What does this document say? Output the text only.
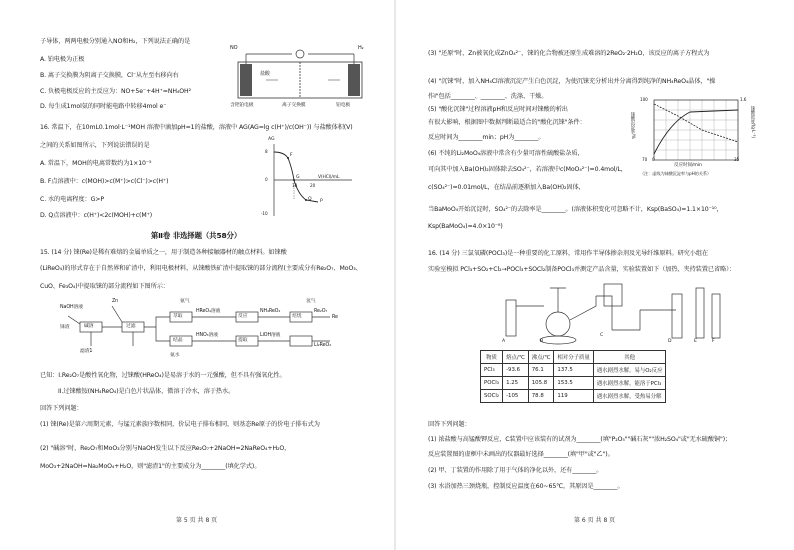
子导体，两两电极分别通入NO和H₂，下列说法正确的是
A. 铂电极为正极
B. 离子交换膜为阴离子交换膜，Cl⁻从左至右移向右
C. 负极电极反应的主反应为：NO+5e⁻+4H⁺=NH₄OH²
D. 每生成1mol氨的同时能电路中转移4mol e⁻
NO	H₂
盐酸
含钯铂电极	离子交换膜	铂电极
16. 常温下，在10mL0.1mol·L⁻¹MOH 溶液中滴加pH=1的盐酸，溶液中 AG(AG=lg c(H⁺)/c(OH⁻)) 与盐酸体积(V)
之间的关系如图所示，下列说法错误的是
A. 常温下，MOH的电离常数约为1×10⁻⁵
B. F点溶液中：c(MOH)>c(M⁺)>c(Cl⁻)>c(H⁺)
C. 水的电离程度：G>P
D. Q点溶液中：c(H⁺)<2c(MOH)+c(M⁺)
AG
V(HCl)/mL
F
G
Q P
8
0
-10
10	20
第Ⅱ卷 非选择题（共58分）
15. (14 分) 铼(Re)是稀有难熔的金属单质之一，用于制造各种接触器材的触点材料。如铼酸
(LiReO₄)的形式存在于自然界和矿渣中，利用电极材料，从铼酸铁矿渣中提取铼的部分流程(主要成分有Re₂O₇、MoO₃、
CuO、Fe₃O₄)中提取铼的部分流程如下图所示：
NaOH溶液
Zn
铼渣	碱溶	过滤
滤渣1
氨气
萃取
HReO₄溶液
反应
NH₄ReO₄
焙烧
Re₂O₇
Re
结晶
HNO₃溶液
提取
LiOH溶液
Li₂ReO₄
氨水
氢气
已知：I.Re₂O₇是酸性氧化物，过铼酸(HReO₄)是易溶于水的一元强酸，但不具有强氧化性。
II.过铼酸铵(NH₄ReO₄)是白色片状晶体，微溶于冷水，溶于热水。
回答下列问题：
(1) 铼(Re)是第六周期元素，与锰元素族序数相同，价层电子排布相同，则基态Re原子的价电子排布式为
(2) "碱溶"时，Re₂O₇和MoO₃分别与NaOH发生以下反应Re₂O₇+2NaOH=2NaReO₄+H₂O，
MoO₃+2NaOH=Na₂MoO₄+H₂O，则"滤渣1"的主要成分为________(填化学式)。
第 5 页 共 8 页
(3) "还原"时，Zn被氧化成ZnO₄²⁻，铼的化合物被还原生成难溶的2ReO₂·2H₂O，该反应的离子方程式为
(4) "沉铼"时，加入NH₄Cl溶液沉淀产生白色沉淀，为使沉铼充分析出并分离得到纯净的NH₄ReO₄晶体，"操
作I"包括________、________、洗涤、干燥。
(5) "酸化沉铼"过程溶液pH和反应时间对铼酸的析出
有很大影响，根据图中数据判断最适合的"酸化沉铼"条件：
反应时间为________min；pH为________。
(6) 不纯的Li₂MoO₄溶液中常含有少量可溶性硫酸盐杂质，
可向其中加入Ba(OH)₂固体除去SO₄²⁻，若溶液中c(MoO₄²⁻)=0.4mol/L，
c(SO₄²⁻)=0.01mol/L，在结晶前逐渐加入Ba(OH)₂固体，
当BaMoO₄开始沉淀时，SO₄²⁻的去除率是________。(溶液体积变化可忽略不计，Ksp(BaSO₄)=1.1×10⁻¹⁰，
Ksp(BaMoO₄)=4.0×10⁻⁸)
铼酸沉淀率/%	铼酸浓度/(g·L⁻¹)
反应时间/min
（注：虚线为铼酸沉淀率与pH的关系）
100
70
1.6
0	35
16. (14 分) 三氯氧磷(POCl₃)是一种重要的化工原料，常用作半导体掺杂剂及光导纤维原料。研究小组在
实验室模拟 PCl₃+SO₂+Cl₂→POCl₃+SOCl₂制备POCl₃并测定产品含量，实验装置如下（加热、夹持装置已省略）：
A	B
C
D	E	F
物质	熔点/℃	沸点/℃	相对分子质量	其他
PCl₃	-93.6	76.1	137.5	遇水剧烈水解，易与O₂反应
POCl₃	1.25	105.8	153.5	遇水剧烈水解，能溶于PCl₃
SOCl₂	-105	78.8	119	遇水剧烈水解，受热易分解
回答下列问题：
(1) 浓盐酸与高锰酸钾反应，C装置中应该装有的试剂为________(填"P₂O₅""碱石灰""浓H₂SO₄"或"无水硫酸铜")；
反应装置图的虚框中未画出的仪器最好选择________(填"甲"或"乙")。
(2) 甲、丁装置的作用除了用于气体的净化以外，还有________。
(3) 水浴加热三颈烧瓶，控制反应温度在60~65℃，其原因是________。
第 6 页 共 8 页
